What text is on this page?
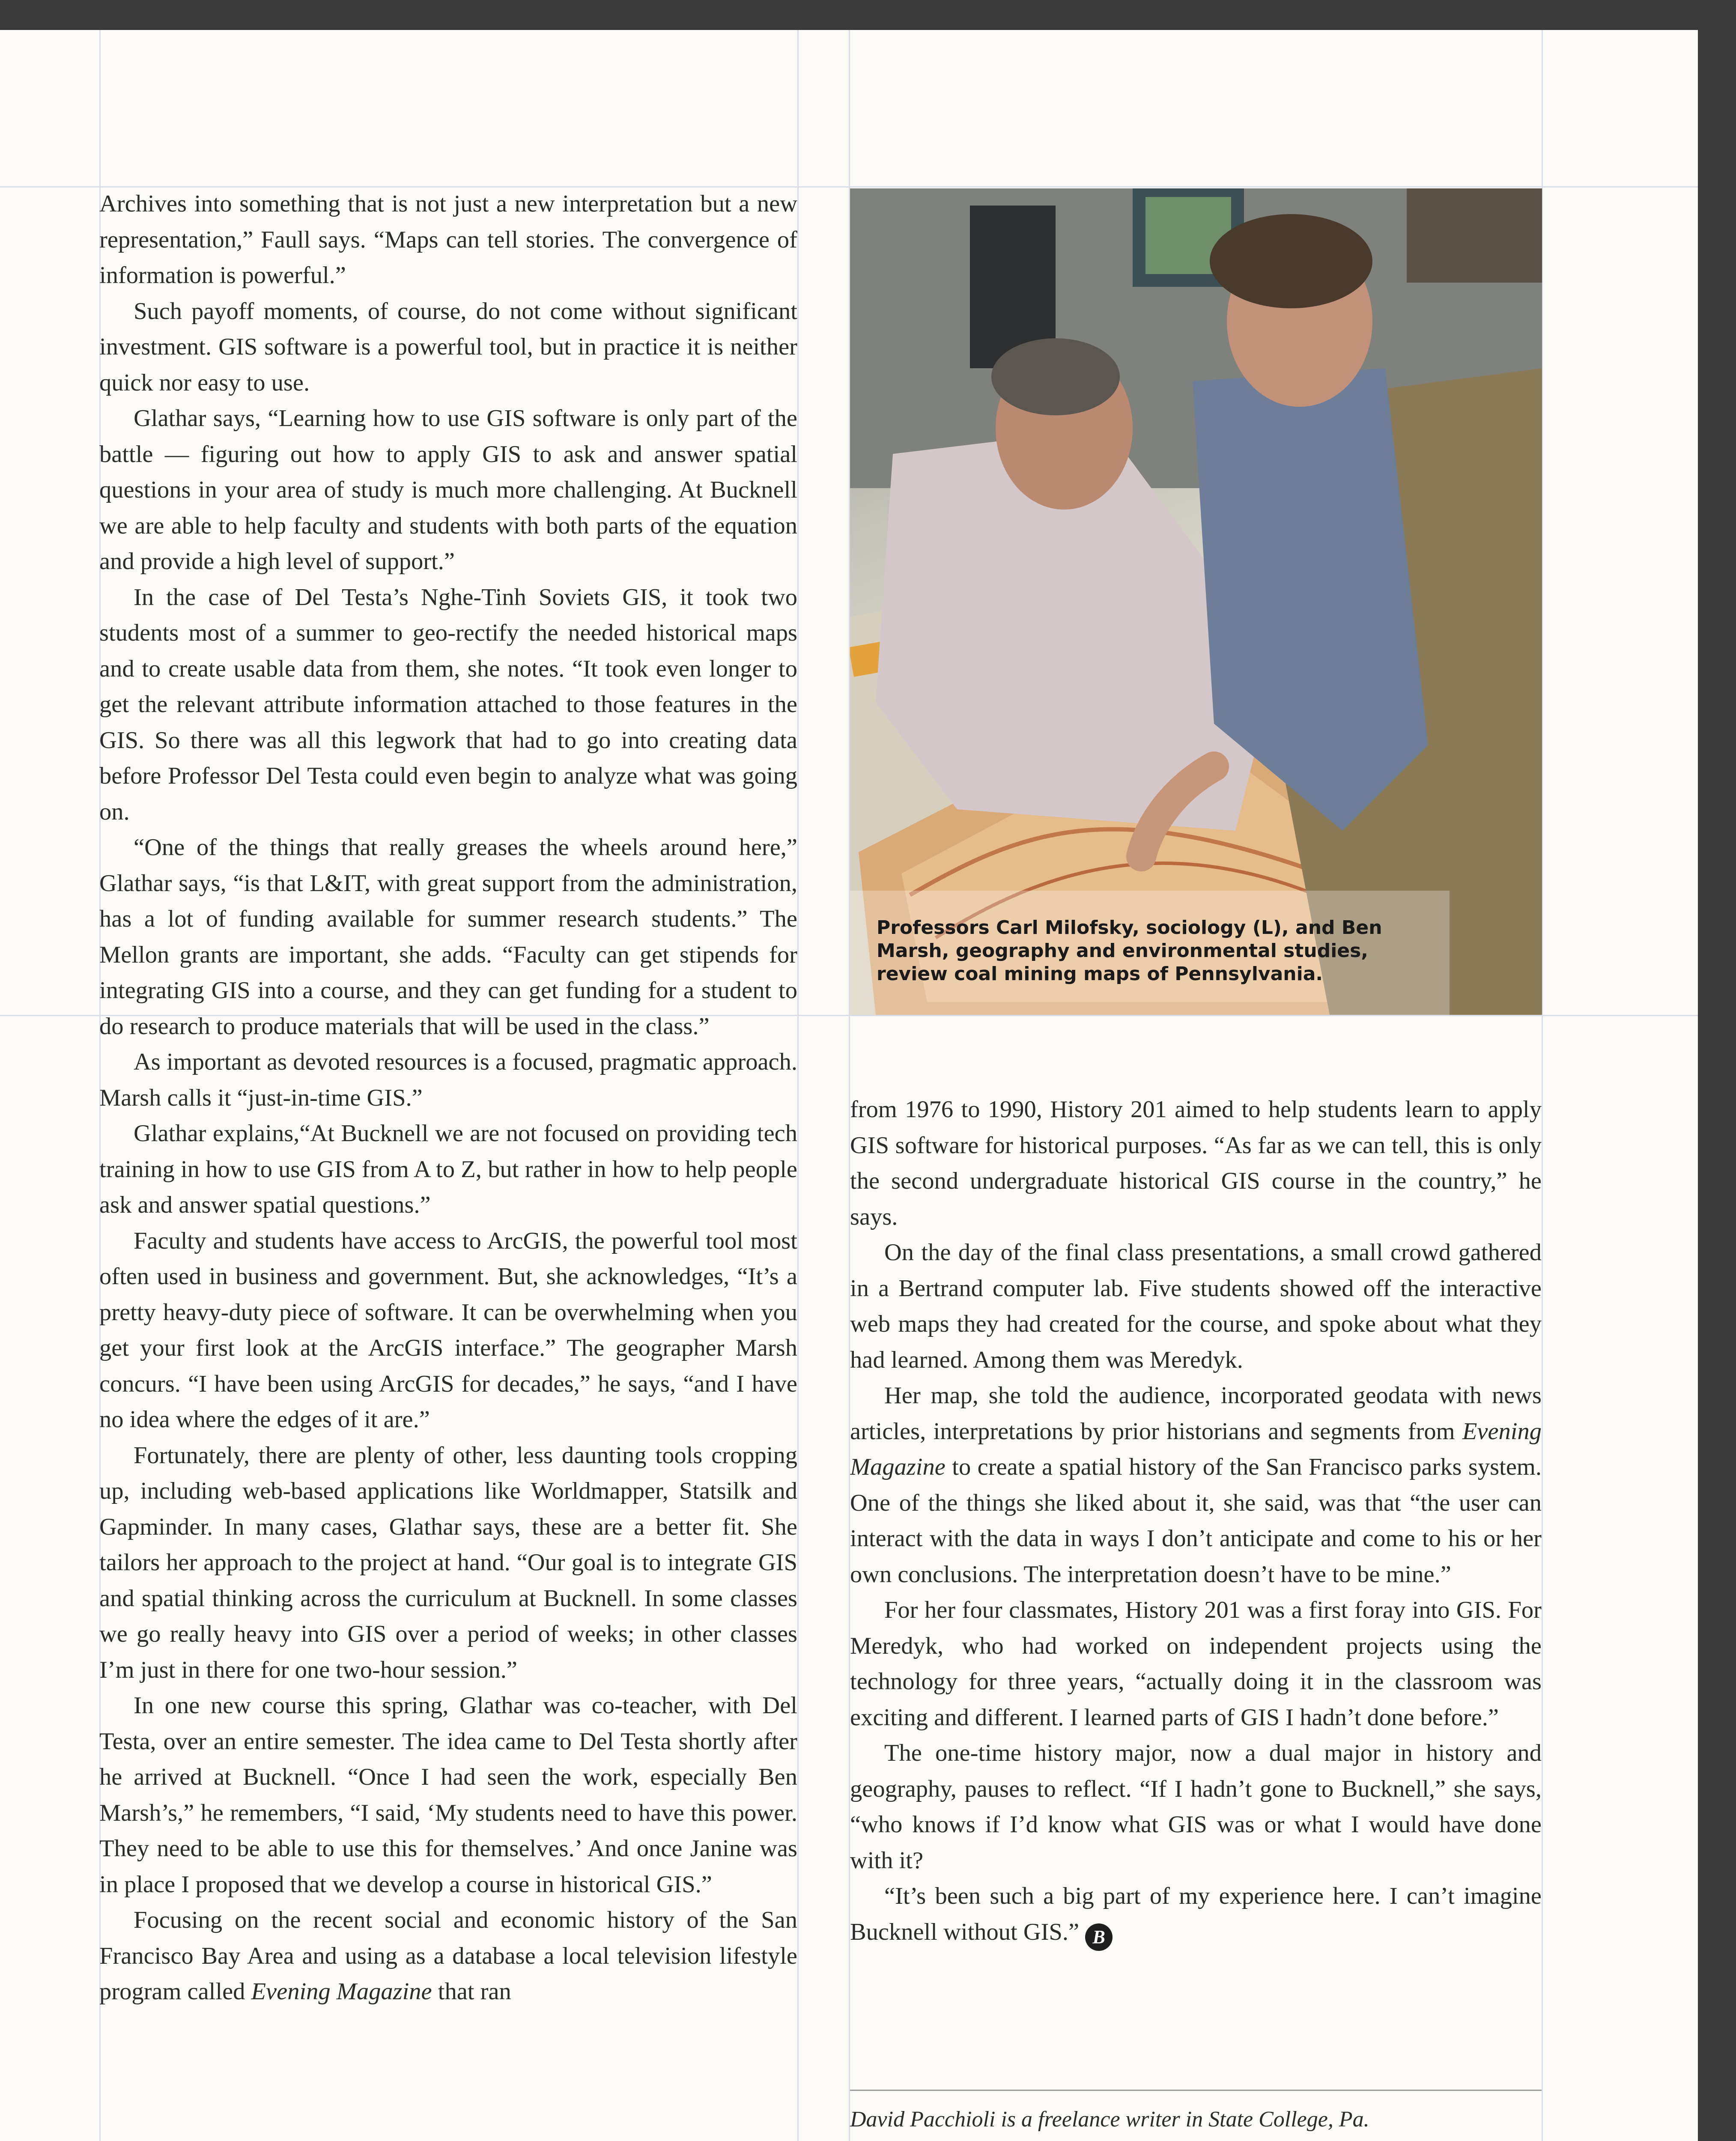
Archives into something that is not just a new interpretation but a new representation,” Faull says. “Maps can tell stories. The convergence of information is powerful.”

Such payoff moments, of course, do not come without significant investment. GIS software is a powerful tool, but in practice it is neither quick nor easy to use.

Glathar says, “Learning how to use GIS software is only part of the battle — figuring out how to apply GIS to ask and answer spatial questions in your area of study is much more challenging. At Bucknell we are able to help faculty and students with both parts of the equation and provide a high level of support.”

In the case of Del Testa’s Nghe-Tinh Soviets GIS, it took two students most of a summer to geo-rectify the needed historical maps and to create usable data from them, she notes. “It took even longer to get the relevant attribute information attached to those features in the GIS. So there was all this legwork that had to go into creating data before Professor Del Testa could even begin to analyze what was going on.

“One of the things that really greases the wheels around here,” Glathar says, “is that L&IT, with great support from the administration, has a lot of funding available for summer research students.” The Mellon grants are important, she adds. “Faculty can get stipends for integrating GIS into a course, and they can get funding for a student to do research to produce materials that will be used in the class.”

As important as devoted resources is a focused, pragmatic approach. Marsh calls it “just-in-time GIS.”

Glathar explains,“At Bucknell we are not focused on providing tech training in how to use GIS from A to Z, but rather in how to help people ask and answer spatial questions.”

Faculty and students have access to ArcGIS, the powerful tool most often used in business and government. But, she acknowledges, “It’s a pretty heavy-duty piece of software. It can be overwhelming when you get your first look at the ArcGIS interface.” The geographer Marsh concurs. “I have been using ArcGIS for decades,” he says, “and I have no idea where the edges of it are.”

Fortunately, there are plenty of other, less daunting tools cropping up, including web-based applications like Worldmapper, Statsilk and Gapminder. In many cases, Glathar says, these are a better fit. She tailors her approach to the project at hand. “Our goal is to integrate GIS and spatial thinking across the curriculum at Bucknell. In some classes we go really heavy into GIS over a period of weeks; in other classes I’m just in there for one two-hour session.”

In one new course this spring, Glathar was co-teacher, with Del Testa, over an entire semester. The idea came to Del Testa shortly after he arrived at Bucknell. “Once I had seen the work, especially Ben Marsh’s,” he remembers, “I said, ‘My students need to have this power. They need to be able to use this for themselves.’ And once Janine was in place I proposed that we develop a course in historical GIS.”

Focusing on the recent social and economic history of the San Francisco Bay Area and using as a database a local television lifestyle program called Evening Magazine that ran

Professors Carl Milofsky, sociology (L), and Ben Marsh, geography and environmental studies, review coal mining maps of Pennsylvania.

from 1976 to 1990, History 201 aimed to help students learn to apply GIS software for historical purposes. “As far as we can tell, this is only the second undergraduate historical GIS course in the country,” he says.

On the day of the final class presentations, a small crowd gathered in a Bertrand computer lab. Five students showed off the interactive web maps they had created for the course, and spoke about what they had learned. Among them was Meredyk.

Her map, she told the audience, incorporated geodata with news articles, interpretations by prior historians and segments from Evening Magazine to create a spatial history of the San Francisco parks system. One of the things she liked about it, she said, was that “the user can interact with the data in ways I don’t anticipate and come to his or her own conclusions. The interpretation doesn’t have to be mine.”

For her four classmates, History 201 was a first foray into GIS. For Meredyk, who had worked on independent projects using the technology for three years, “actually doing it in the classroom was exciting and different. I learned parts of GIS I hadn’t done before.”

The one-time history major, now a dual major in history and geography, pauses to reflect. “If I hadn’t gone to Bucknell,” she says, “who knows if I’d know what GIS was or what I would have done with it?

“It’s been such a big part of my experience here. I can’t imagine Bucknell without GIS.” B

David Pacchioli is a freelance writer in State College, Pa.
